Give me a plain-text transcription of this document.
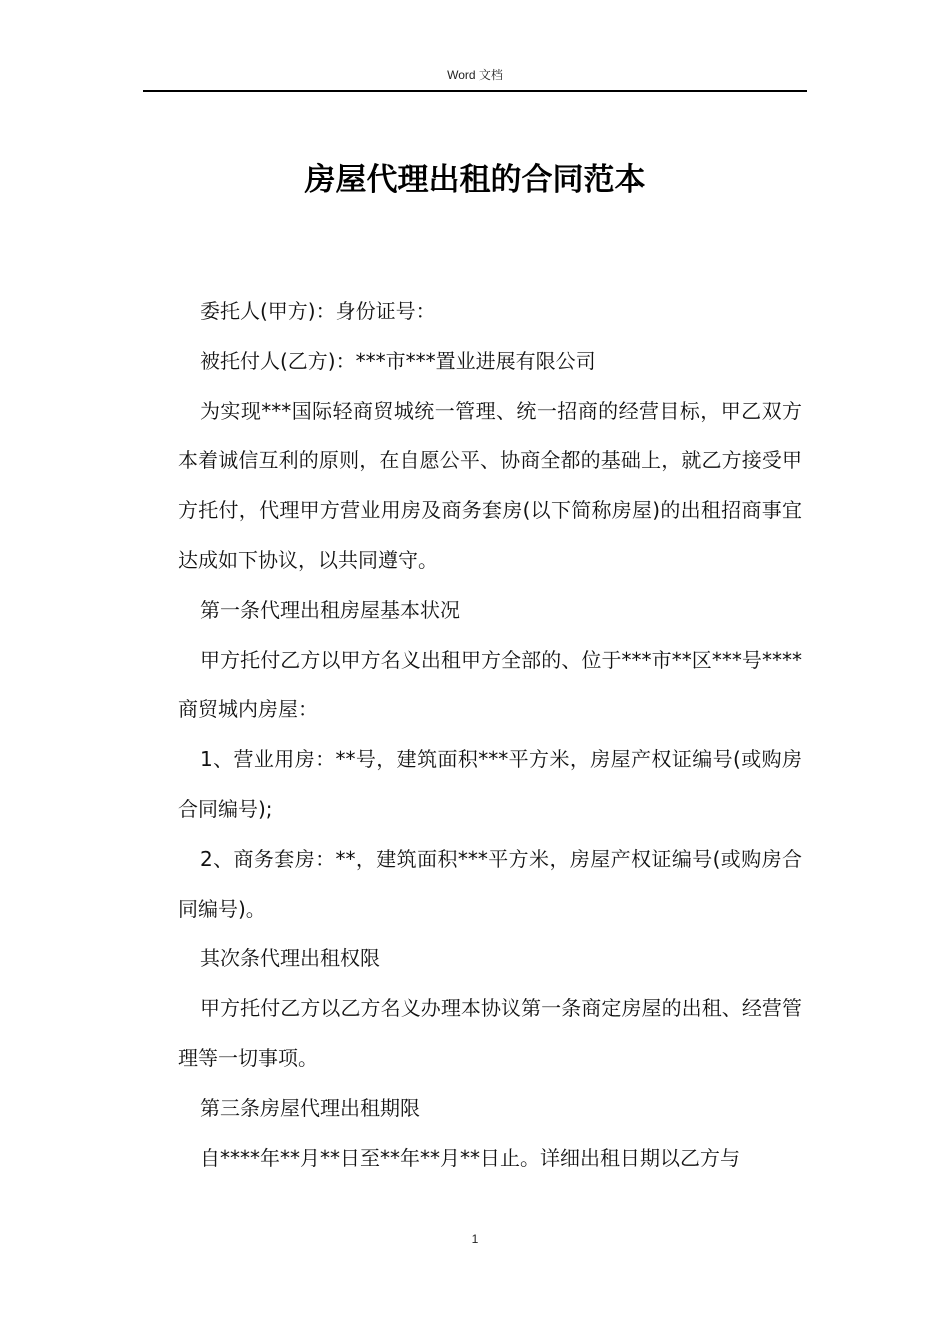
Word 文档
房屋代理出租的合同范本

委托人(甲方)：身份证号：

被托付人(乙方)：***市***置业进展有限公司

为实现***国际轻商贸城统一管理、统一招商的经营目标，甲乙双方本着诚信互利的原则，在自愿公平、协商全都的基础上，就乙方接受甲方托付，代理甲方营业用房及商务套房(以下简称房屋)的出租招商事宜达成如下协议，以共同遵守。

第一条代理出租房屋基本状况

甲方托付乙方以甲方名义出租甲方全部的、位于***市**区***号****商贸城内房屋：

1、营业用房：**号，建筑面积***平方米，房屋产权证编号(或购房合同编号);

2、商务套房：**，建筑面积***平方米，房屋产权证编号(或购房合同编号)。

其次条代理出租权限

甲方托付乙方以乙方名义办理本协议第一条商定房屋的出租、经营管理等一切事项。

第三条房屋代理出租期限

自****年**月**日至**年**月**日止。详细出租日期以乙方与

1
